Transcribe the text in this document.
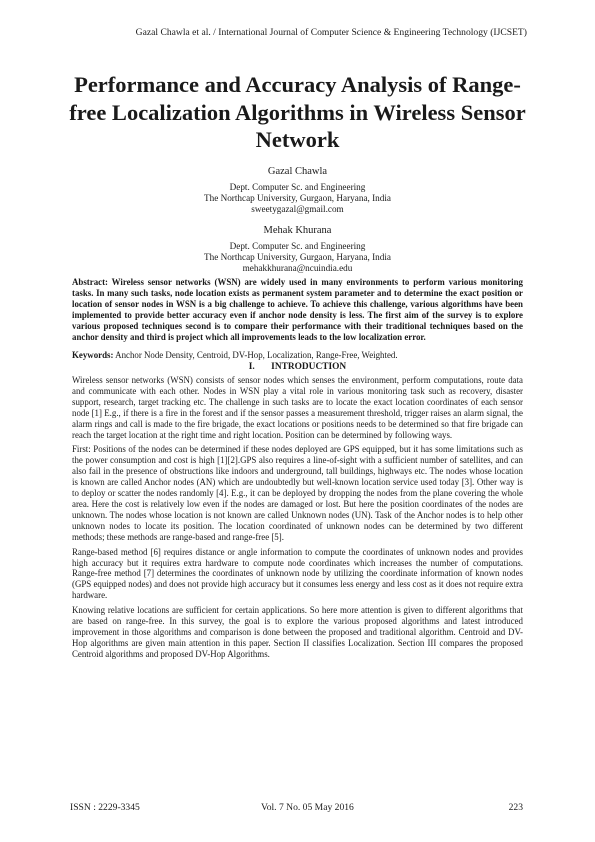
Gazal Chawla et al. / International Journal of Computer Science & Engineering Technology (IJCSET)
Performance and Accuracy Analysis of Range-free Localization Algorithms in Wireless Sensor Network
Gazal Chawla
Dept. Computer Sc. and Engineering
The Northcap University, Gurgaon, Haryana, India
sweetygazal@gmail.com
Mehak Khurana
Dept. Computer Sc. and Engineering
The Northcap University, Gurgaon, Haryana, India
mehakkhurana@ncuindia.edu
Abstract: Wireless sensor networks (WSN) are widely used in many environments to perform various monitoring tasks. In many such tasks, node location exists as permanent system parameter and to determine the exact position or location of sensor nodes in WSN is a big challenge to achieve. To achieve this challenge, various algorithms have been implemented to provide better accuracy even if anchor node density is less. The first aim of the survey is to explore various proposed techniques second is to compare their performance with their traditional techniques based on the anchor density and third is project which all improvements leads to the low localization error.
Keywords: Anchor Node Density, Centroid, DV-Hop, Localization, Range-Free, Weighted.
I.       INTRODUCTION

Wireless sensor networks (WSN) consists of sensor nodes which senses the environment, perform computations, route data and communicate with each other. Nodes in WSN play a vital role in various monitoring task such as recovery, disaster support, research, target tracking etc. The challenge in such tasks are to locate the exact location coordinates of each sensor node [1] E.g., if there is a fire in the forest and if the sensor passes a measurement threshold, trigger raises an alarm signal, the alarm rings and call is made to the fire brigade, the exact locations or positions needs to be determined so that fire brigade can reach the target location at the right time and right location. Position can be determined by following ways.

First: Positions of the nodes can be determined if these nodes deployed are GPS equipped, but it has some limitations such as the power consumption and cost is high [1][2].GPS also requires a line-of-sight with a sufficient number of satellites, and can also fail in the presence of obstructions like indoors and underground, tall buildings, highways etc. The nodes whose location is known are called Anchor nodes (AN) which are undoubtedly but well-known location service used today [3]. Other way is to deploy or scatter the nodes randomly [4]. E.g., it can be deployed by dropping the nodes from the plane covering the whole area. Here the cost is relatively low even if the nodes are damaged or lost. But here the position coordinates of the nodes are unknown. The nodes whose location is not known are called Unknown nodes (UN). Task of the Anchor nodes is to help other unknown nodes to locate its position. The location coordinated of unknown nodes can be determined by two different methods; these methods are range-based and range-free [5].

Range-based method [6] requires distance or angle information to compute the coordinates of unknown nodes and provides high accuracy but it requires extra hardware to compute node coordinates which increases the number of computations. Range-free method [7] determines the coordinates of unknown node by utilizing the coordinate information of known nodes (GPS equipped nodes) and does not provide high accuracy but it consumes less energy and less cost as it does not require extra hardware.

Knowing relative locations are sufficient for certain applications. So here more attention is given to different algorithms that are based on range-free. In this survey, the goal is to explore the various proposed algorithms and latest introduced improvement in those algorithms and comparison is done between the proposed and traditional algorithm. Centroid and DV-Hop algorithms are given main attention in this paper. Section II classifies Localization. Section III compares the proposed Centroid algorithms and proposed DV-Hop Algorithms.

ISSN : 2229-3345	Vol. 7 No. 05 May 2016	223
